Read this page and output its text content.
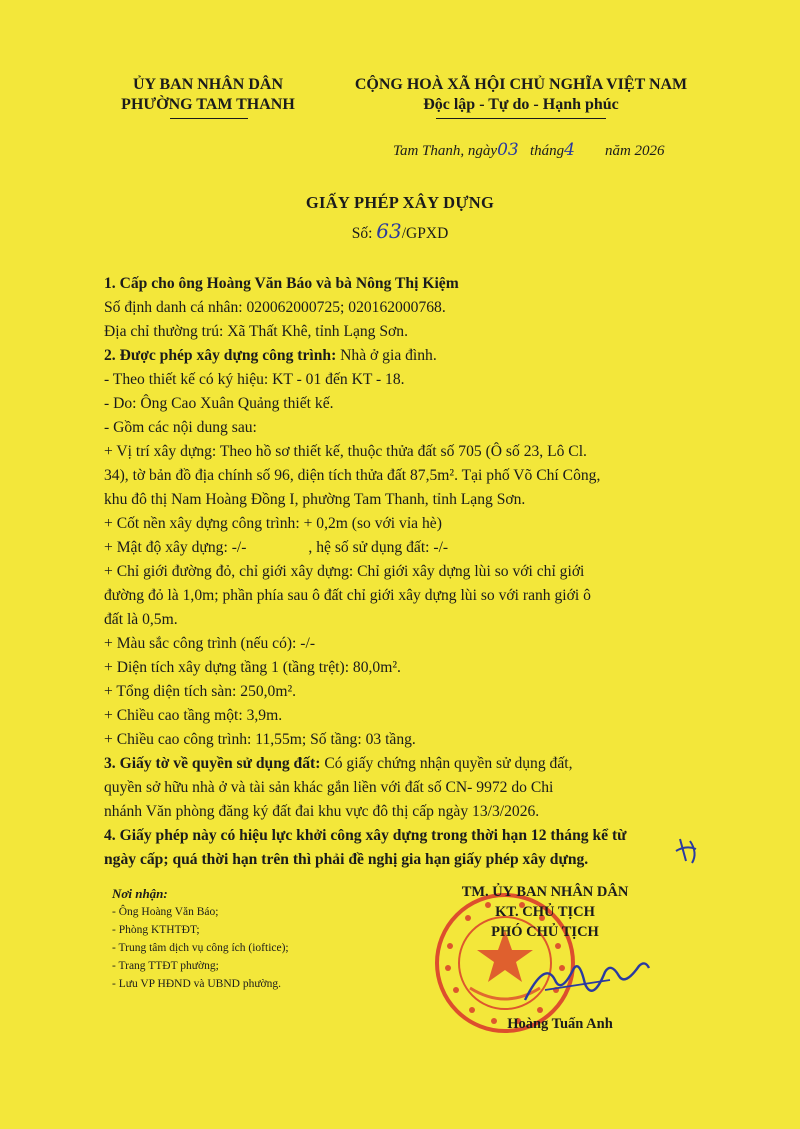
ỦY BAN NHÂN DÂN
PHƯỜNG TAM THANH
CỘNG HOÀ XÃ HỘI CHỦ NGHĨA VIỆT NAM
Độc lập - Tự do - Hạnh phúc
Tam Thanh, ngày03 tháng4 năm 2026
GIẤY PHÉP XÂY DỰNG
Số: 63/GPXD
1. Cấp cho ông Hoàng Văn Báo và bà Nông Thị Kiệm
Số định danh cá nhân: 020062000725; 020162000768.
Địa chỉ thường trú: Xã Thất Khê, tỉnh Lạng Sơn.
2. Được phép xây dựng công trình: Nhà ở gia đình.
- Theo thiết kế có ký hiệu: KT - 01 đến KT - 18.
- Do: Ông Cao Xuân Quảng thiết kế.
- Gồm các nội dung sau:
+ Vị trí xây dựng: Theo hồ sơ thiết kế, thuộc thửa đất số 705 (Ô số 23, Lô Cl.
34), tờ bản đồ địa chính số 96, diện tích thửa đất 87,5m². Tại phố Võ Chí Công,
khu đô thị Nam Hoàng Đồng I, phường Tam Thanh, tỉnh Lạng Sơn.
+ Cốt nền xây dựng công trình: + 0,2m (so với vỉa hè)
+ Mật độ xây dựng: -/-	, hệ số sử dụng đất: -/-
+ Chỉ giới đường đỏ, chỉ giới xây dựng: Chỉ giới xây dựng lùi so với chỉ giới
đường đỏ là 1,0m; phần phía sau ô đất chỉ giới xây dựng lùi so với ranh giới ô
đất là 0,5m.
+ Màu sắc công trình (nếu có): -/-
+ Diện tích xây dựng tầng 1 (tầng trệt): 80,0m².
+ Tổng diện tích sàn: 250,0m².
+ Chiều cao tầng một: 3,9m.
+ Chiều cao công trình: 11,55m; Số tầng: 03 tầng.
3. Giấy tờ về quyền sử dụng đất: Có giấy chứng nhận quyền sử dụng đất,
quyền sở hữu nhà ở và tài sản khác gắn liền với đất số CN- 9972 do Chi
nhánh Văn phòng đăng ký đất đai khu vực đô thị cấp ngày 13/3/2026.
4. Giấy phép này có hiệu lực khởi công xây dựng trong thời hạn 12 tháng kể từ
ngày cấp; quá thời hạn trên thì phải đề nghị gia hạn giấy phép xây dựng.
Nơi nhận:
- Ông Hoàng Văn Báo;
- Phòng KTHTĐT;
- Trung tâm dịch vụ công ích (ioftice);
- Trang TTĐT phường;
- Lưu VP HĐND và UBND phường.
TM. ỦY BAN NHÂN DÂN
KT. CHỦ TỊCH
PHÓ CHỦ TỊCH
Hoàng Tuấn Anh
